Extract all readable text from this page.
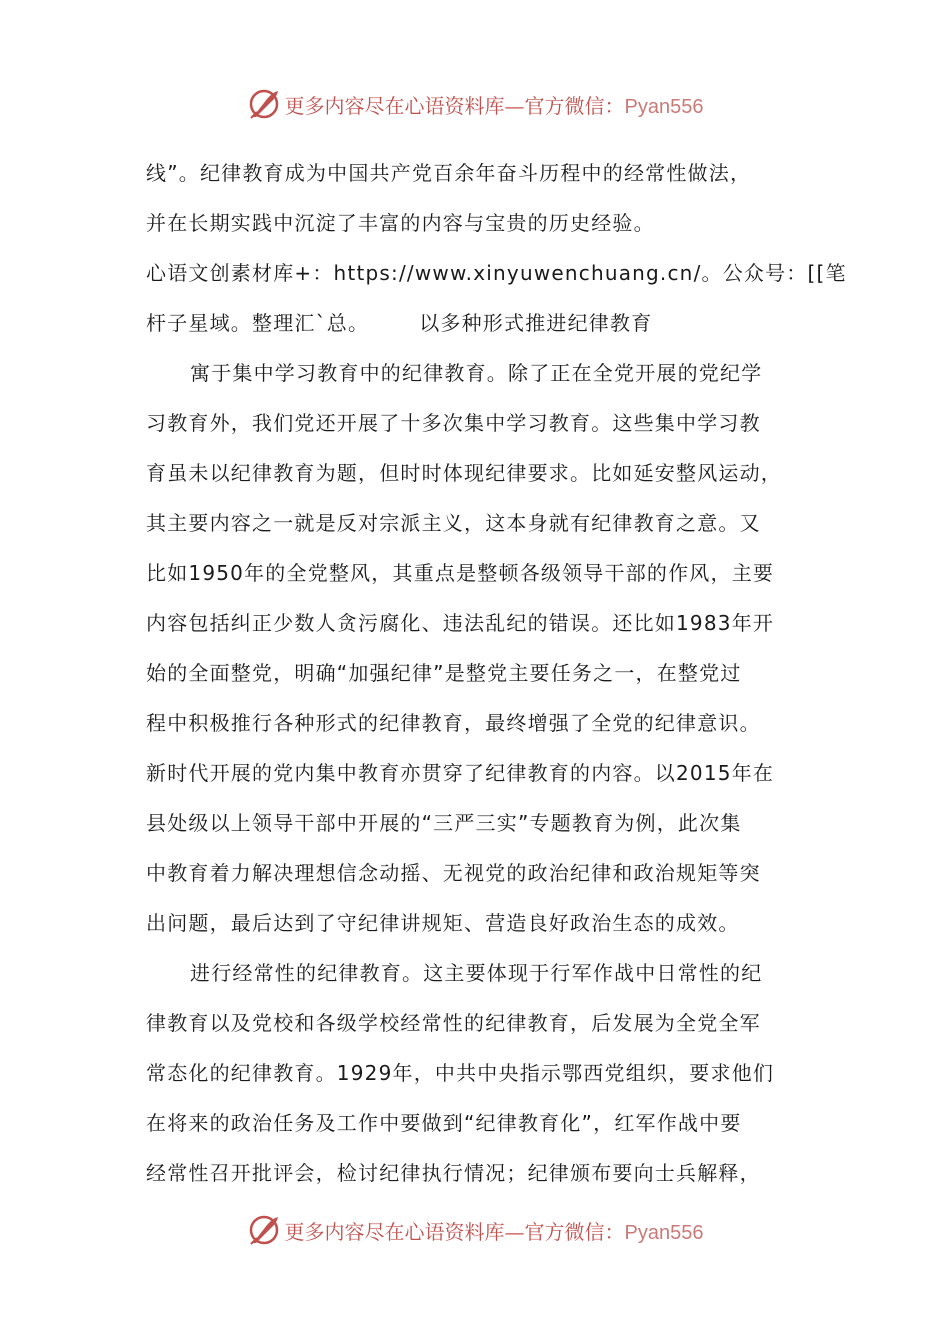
更多内容尽在心语资料库—官方微信：Pyan556
线”。纪律教育成为中国共产党百余年奋斗历程中的经常性做法，
并在长期实践中沉淀了丰富的内容与宝贵的历史经验。
心语文创素材库+：https://www.xinyuwenchuang.cn/。公众号：[[笔
杆子星域。整理汇`总。	以多种形式推进纪律教育
寓于集中学习教育中的纪律教育。除了正在全党开展的党纪学
习教育外，我们党还开展了十多次集中学习教育。这些集中学习教
育虽未以纪律教育为题，但时时体现纪律要求。比如延安整风运动，
其主要内容之一就是反对宗派主义，这本身就有纪律教育之意。又
比如1950年的全党整风，其重点是整顿各级领导干部的作风，主要
内容包括纠正少数人贪污腐化、违法乱纪的错误。还比如1983年开
始的全面整党，明确“加强纪律”是整党主要任务之一，在整党过
程中积极推行各种形式的纪律教育，最终增强了全党的纪律意识。
新时代开展的党内集中教育亦贯穿了纪律教育的内容。以2015年在
县处级以上领导干部中开展的“三严三实”专题教育为例，此次集
中教育着力解决理想信念动摇、无视党的政治纪律和政治规矩等突
出问题，最后达到了守纪律讲规矩、营造良好政治生态的成效。
进行经常性的纪律教育。这主要体现于行军作战中日常性的纪
律教育以及党校和各级学校经常性的纪律教育，后发展为全党全军
常态化的纪律教育。1929年，中共中央指示鄂西党组织，要求他们
在将来的政治任务及工作中要做到“纪律教育化”，红军作战中要
经常性召开批评会，检讨纪律执行情况；纪律颁布要向士兵解释，
更多内容尽在心语资料库—官方微信：Pyan556
